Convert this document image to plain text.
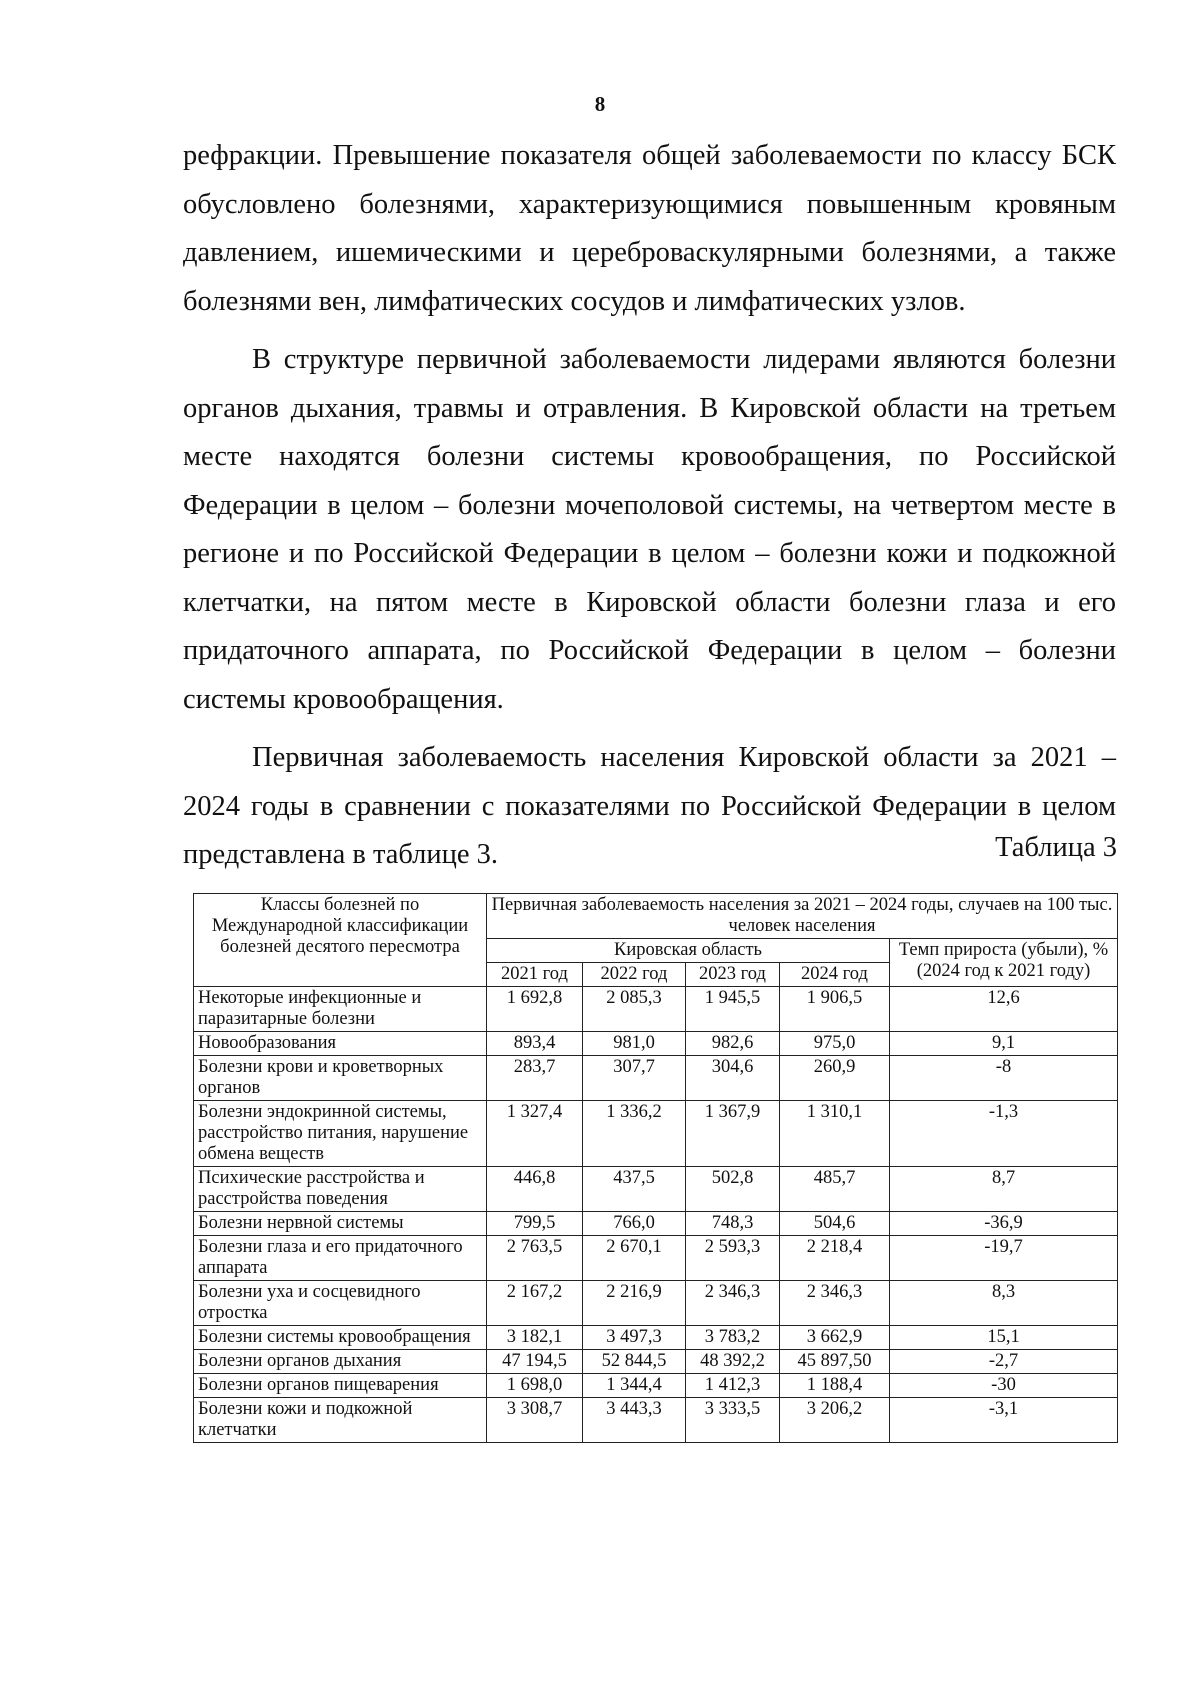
8

рефракции. Превышение показателя общей заболеваемости по классу БСК обусловлено болезнями, характеризующимися повышенным кровяным давлением, ишемическими и цереброваскулярными болезнями, а также болезнями вен, лимфатических сосудов и лимфатических узлов.

В структуре первичной заболеваемости лидерами являются болезни органов дыхания, травмы и отравления. В Кировской области на третьем месте находятся болезни системы кровообращения, по Российской Федерации в целом – болезни мочеполовой системы, на четвертом месте в регионе и по Российской Федерации в целом – болезни кожи и подкожной клетчатки, на пятом месте в Кировской области болезни глаза и его придаточного аппарата, по Российской Федерации в целом – болезни системы кровообращения.

Первичная заболеваемость населения Кировской области за 2021 – 2024 годы в сравнении с показателями по Российской Федерации в целом представлена в таблице 3.	Таблица 3
Классы болезней по Международной классификации болезней десятого пересмотра	Первичная заболеваемость населения за 2021 – 2024 годы, случаев на 100 тыс. человек населения				
	Кировская область				Темп прироста (убыли), % (2024 год к 2021 году)
	2021 год	2022 год	2023 год	2024 год	
Некоторые инфекционные и паразитарные болезни	1 692,8	2 085,3	1 945,5	1 906,5	12,6
Новообразования	893,4	981,0	982,6	975,0	9,1
Болезни крови и кроветворных органов	283,7	307,7	304,6	260,9	-8
Болезни эндокринной системы, расстройство питания, нарушение обмена веществ	1 327,4	1 336,2	1 367,9	1 310,1	-1,3
Психические расстройства и расстройства поведения	446,8	437,5	502,8	485,7	8,7
Болезни нервной системы	799,5	766,0	748,3	504,6	-36,9
Болезни глаза и его придаточного аппарата	2 763,5	2 670,1	2 593,3	2 218,4	-19,7
Болезни уха и сосцевидного отростка	2 167,2	2 216,9	2 346,3	2 346,3	8,3
Болезни системы кровообращения	3 182,1	3 497,3	3 783,2	3 662,9	15,1
Болезни органов дыхания	47 194,5	52 844,5	48 392,2	45 897,50	-2,7
Болезни органов пищеварения	1 698,0	1 344,4	1 412,3	1 188,4	-30
Болезни кожи и подкожной клетчатки	3 308,7	3 443,3	3 333,5	3 206,2	-3,1
